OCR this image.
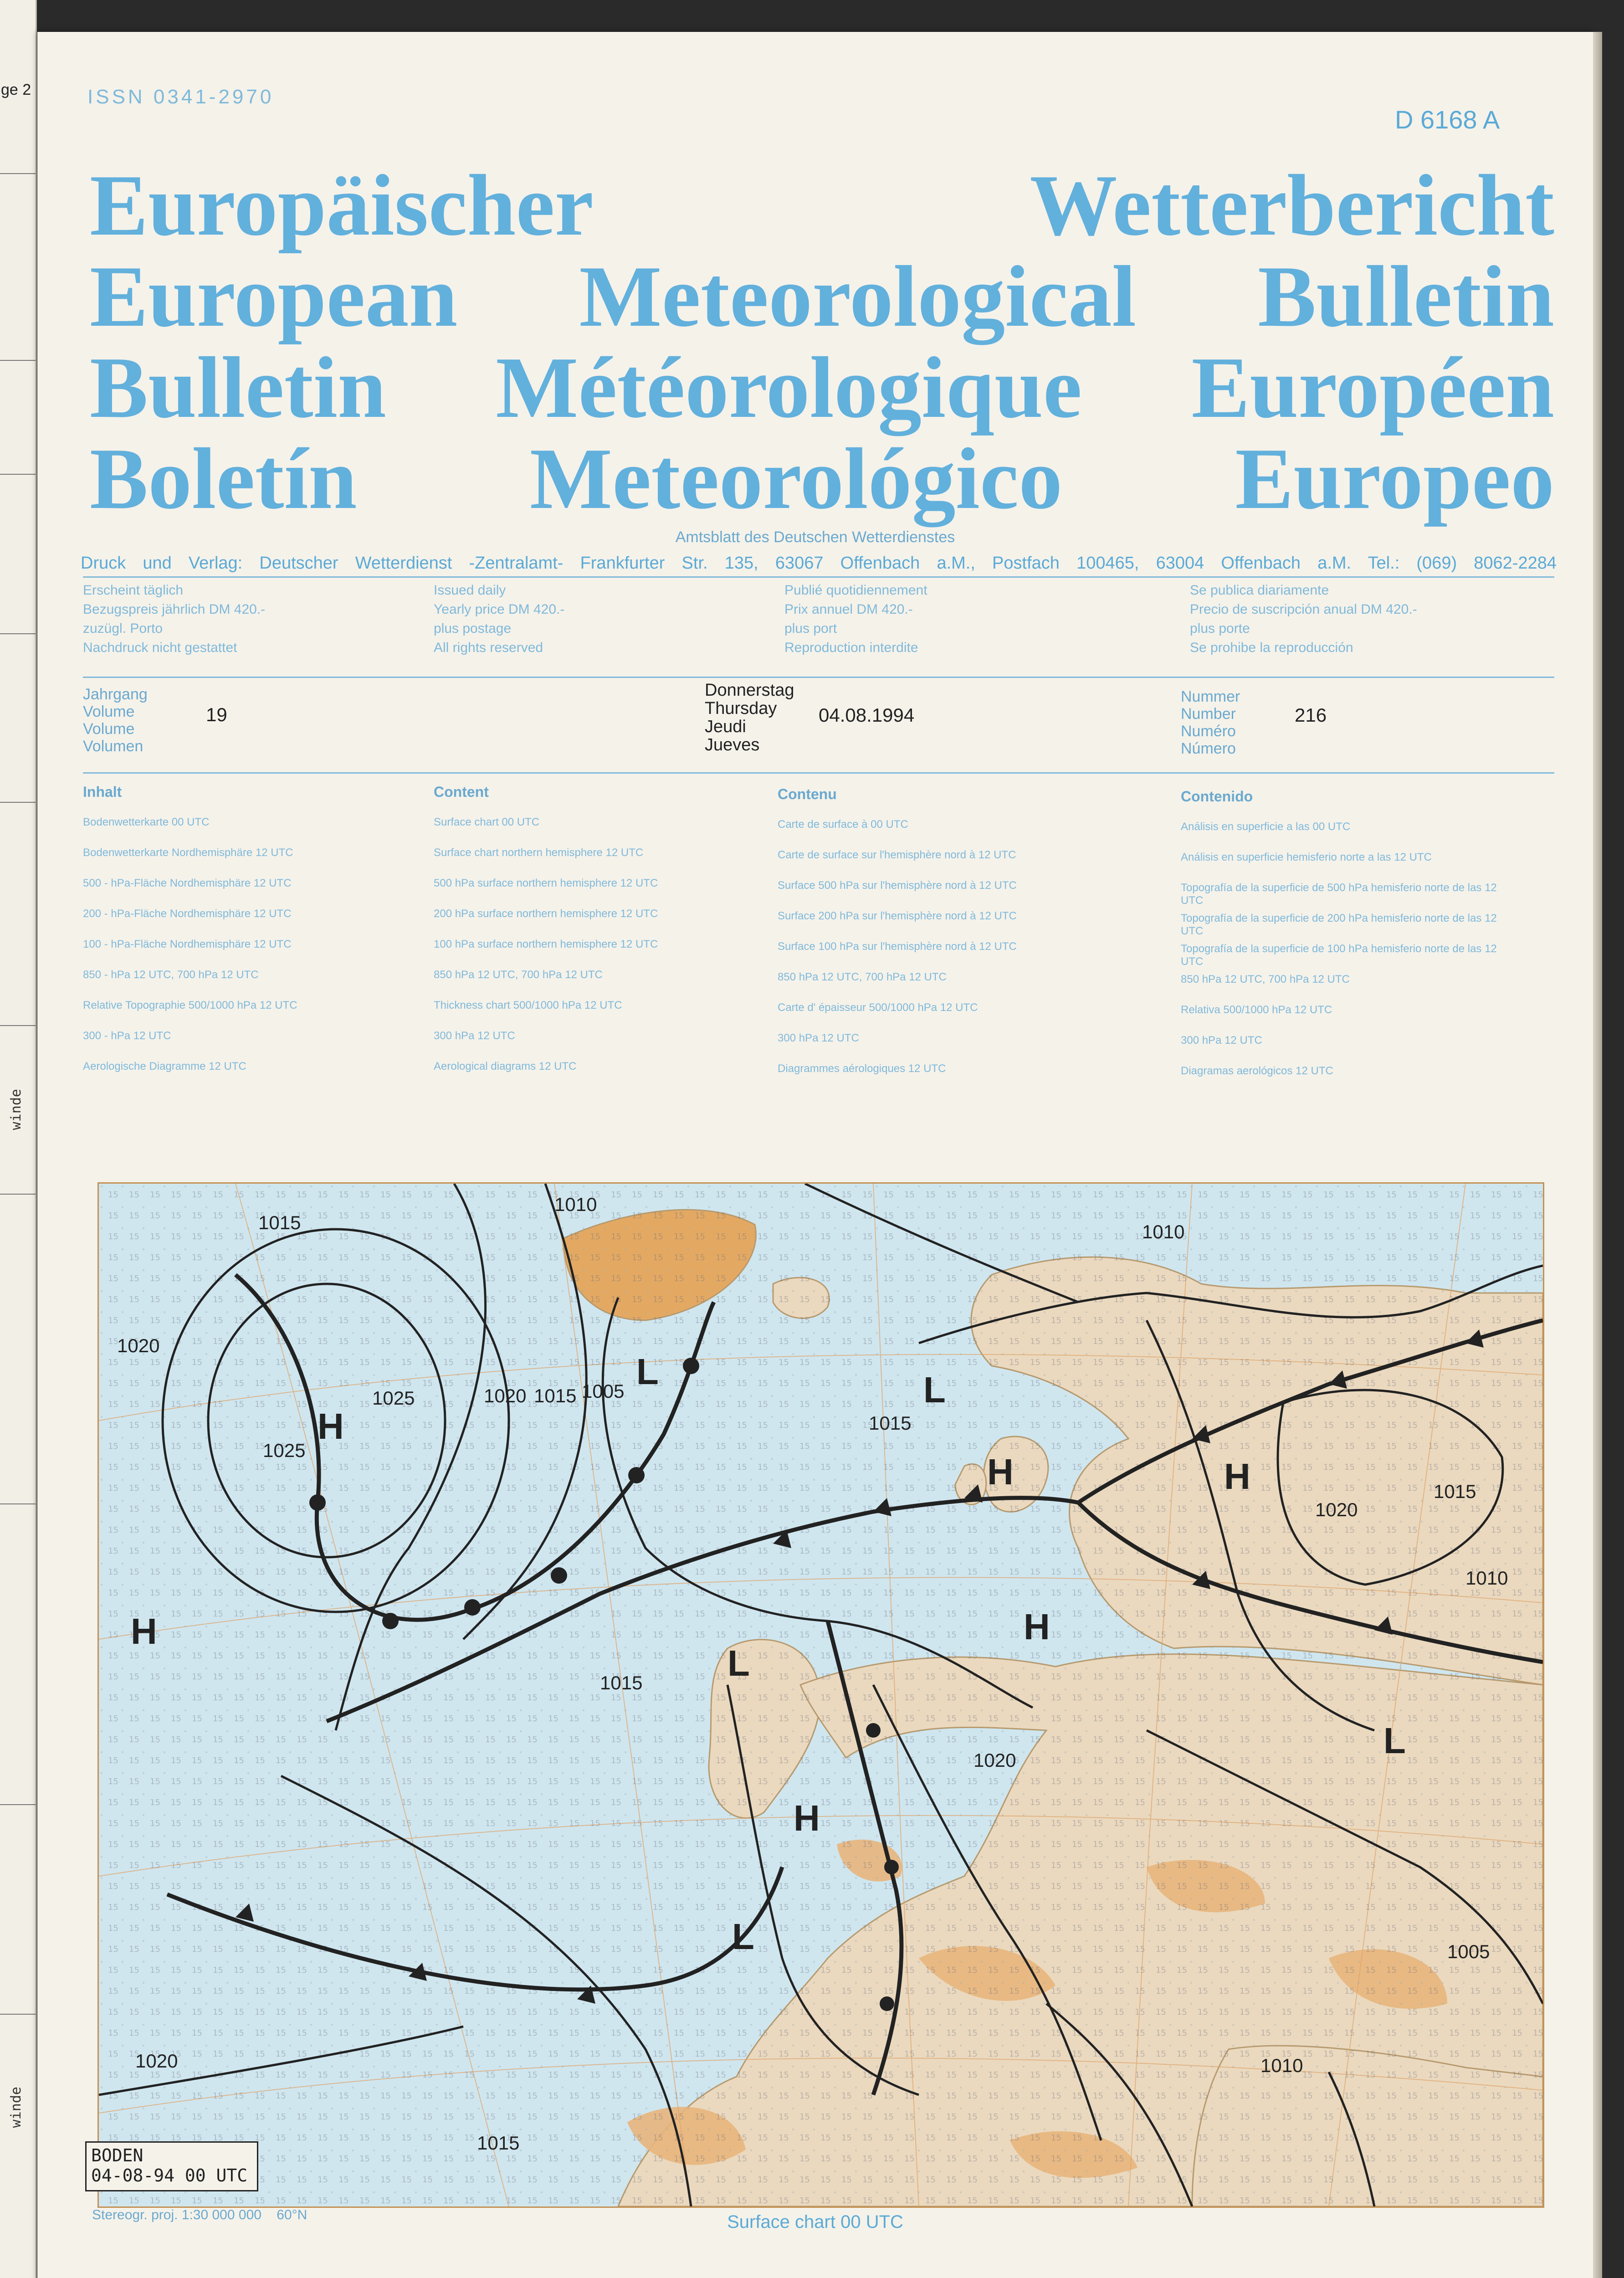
ge 2
winde
winde
ISSN 0341-2970
D 6168 A
Europäischer Wetterbericht
European Meteorological Bulletin
Bulletin Météorologique Européen
Boletín Meteorológico Europeo
Amtsblatt des Deutschen Wetterdienstes
Druck und Verlag: Deutscher Wetterdienst -Zentralamt- Frankfurter Str. 135, 63067 Offenbach a.M., Postfach 100465, 63004 Offenbach a.M. Tel.: (069) 8062-2284
Erscheint täglich
Bezugspreis jährlich DM 420.-
zuzügl. Porto
Nachdruck nicht gestattet
Issued daily
Yearly price DM 420.-
plus postage
All rights reserved
Publié quotidiennement
Prix annuel DM 420.-
plus port
Reproduction interdite
Se publica diariamente
Precio de suscripción anual DM 420.-
plus porte
Se prohibe la reproducción
Jahrgang
Volume
Volume
Volumen
19
Donnerstag
Thursday
Jeudi
Jueves
04.08.1994
Nummer
Number
Numéro
Número
216
Inhalt
Bodenwetterkarte 00 UTC
Bodenwetterkarte Nordhemisphäre 12 UTC
500 - hPa-Fläche Nordhemisphäre 12 UTC
200 - hPa-Fläche Nordhemisphäre 12 UTC
100 - hPa-Fläche Nordhemisphäre 12 UTC
850 - hPa 12 UTC, 700 hPa 12 UTC
Relative Topographie 500/1000 hPa 12 UTC
300 - hPa 12 UTC
Aerologische Diagramme 12 UTC
Content
Surface chart 00 UTC
Surface chart northern hemisphere 12 UTC
500 hPa surface northern hemisphere 12 UTC
200 hPa surface northern hemisphere 12 UTC
100 hPa surface northern hemisphere 12 UTC
850 hPa 12 UTC, 700 hPa 12 UTC
Thickness chart 500/1000 hPa 12 UTC
300 hPa 12 UTC
Aerological diagrams 12 UTC
Contenu
Carte de surface à 00 UTC
Carte de surface sur l'hemisphère nord à 12 UTC
Surface 500 hPa sur l'hemisphère nord à 12 UTC
Surface 200 hPa sur l'hemisphère nord à 12 UTC
Surface 100 hPa sur l'hemisphère nord à 12 UTC
850 hPa 12 UTC, 700 hPa 12 UTC
Carte d' épaisseur 500/1000 hPa 12 UTC
300 hPa 12 UTC
Diagrammes aérologiques 12 UTC
Contenido
Análisis en superficie a las 00 UTC
Análisis en superficie hemisferio norte a las 12 UTC
Topografía de la superficie de 500 hPa hemisferio norte de las 12 UTC
Topografía de la superficie de 200 hPa hemisferio norte de las 12 UTC
Topografía de la superficie de 100 hPa hemisferio norte de las 12 UTC
850 hPa 12 UTC, 700 hPa 12 UTC
Relativa 500/1000 hPa 12 UTC
300 hPa 12 UTC
Diagramas aerológicos 12 UTC
1010
1015
1020
1025
1020 1015 1005
1010
1015
1020
1025
1015
1015
1020
1010
1005
1010
1020
1015
H
H
H
H
H
H
L	L
L
L
L
BODEN
04-08-94 00 UTC
Stereogr. proj. 1:30 000 000    60°N	Surface chart 00 UTC
